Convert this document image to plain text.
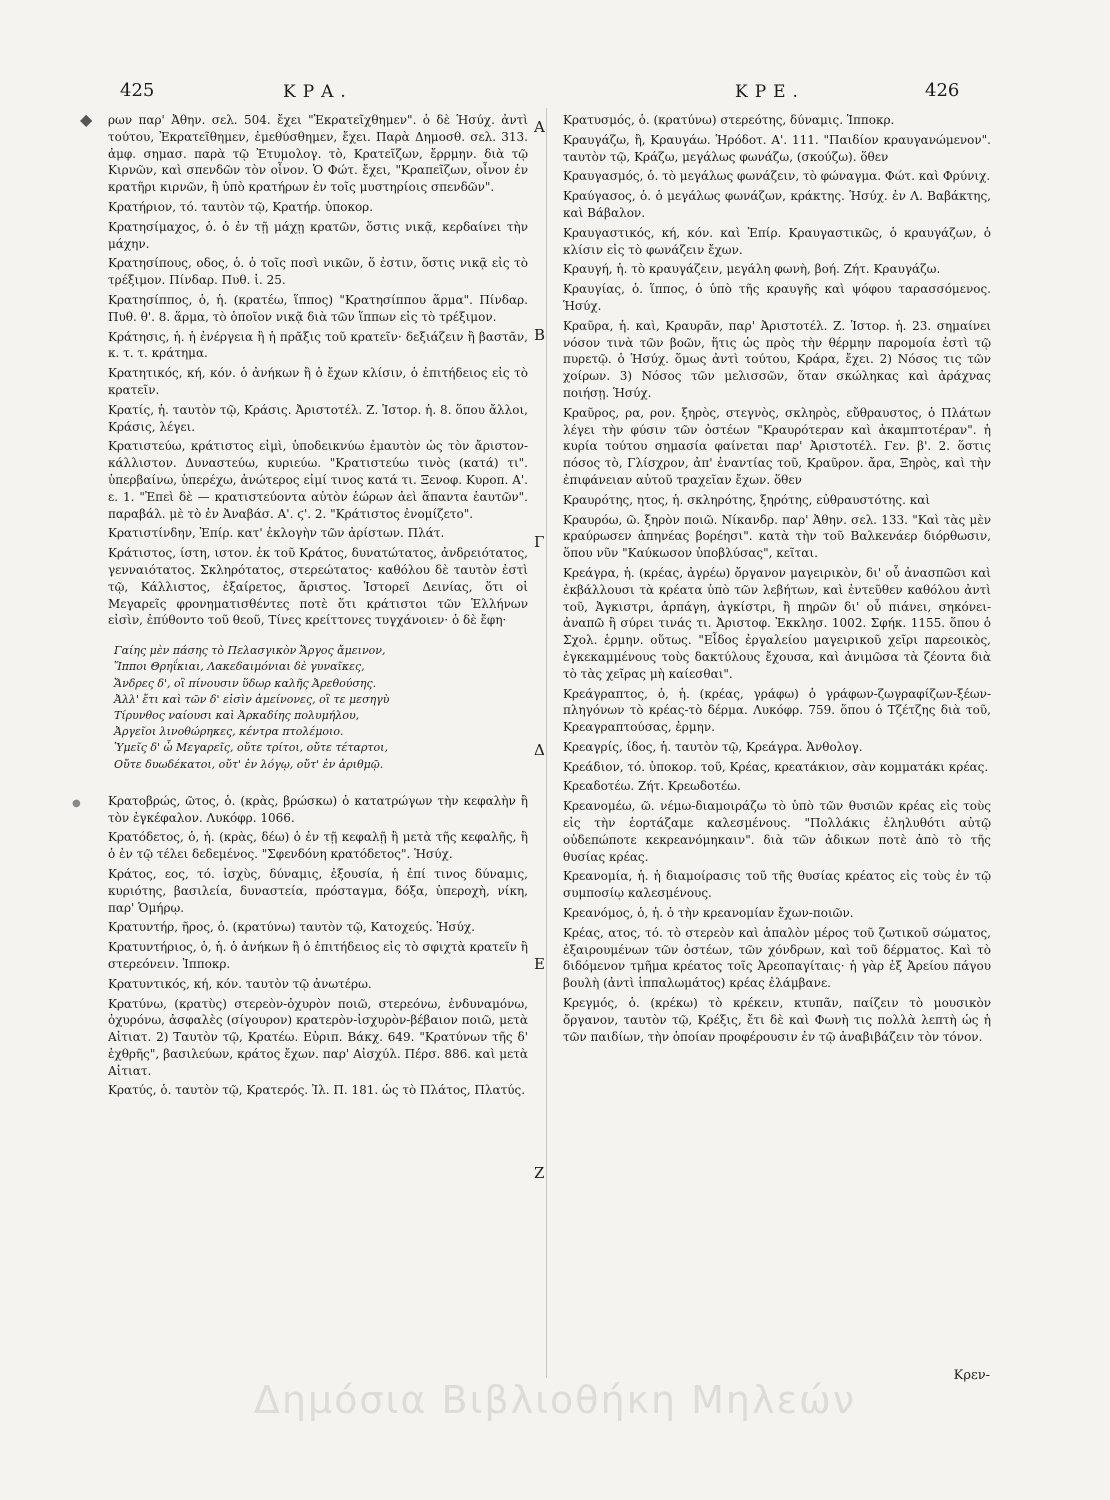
◆
●
425	ΚΡΑ.	ΚΡΕ.	426

ρων παρ' Ἀθην. σελ. 504. ἔχει "Ἐκρατεῖχθημεν". ὁ δὲ Ἡσύχ. ἀντὶ τούτου, Ἐκρατεῖθημεν, ἐμεθύσθημεν, ἔχει. Παρὰ Δημοσθ. σελ. 313. ἀμφ. σημασ. παρὰ τῷ Ἐτυμολογ. τὸ, Κρατεῖζων, ἔρρμην. διὰ τῷ Κιρνῶν, καὶ σπενδῶν τὸν οἶνον. Ὁ Φώτ. ἔχει, "Κραπεῖζων, οἶνον ἐν κρατῆρι κιρνῶν, ἢ ὑπὸ κρατήρων ἐν τοῖς μυστηρίοις σπενδῶν".

Κρατήριον, τό. ταυτὸν τῷ, Κρατήρ. ὑποκορ.

Κρατησίμαχος, ὁ. ὁ ἐν τῇ μάχῃ κρατῶν, ὅστις νικᾷ, κερδαίνει τὴν μάχην.

Κρατησίπους, οδος, ὁ. ὁ τοῖς ποσὶ νικῶν, ὅ ἐστιν, ὅστις νικᾷ εἰς τὸ τρέξιμον. Πίνδαρ. Πυθ. ἰ. 25.

Κρατησίππος, ὁ, ἡ. (κρατέω, ἵππος) "Κρατησίππου ἅρμα". Πίνδαρ. Πυθ. θ'. 8. ἅρμα, τὸ ὁποῖον νικᾷ διὰ τῶν ἵππων εἰς τὸ τρέξιμον.

Κράτησις, ἡ. ἡ ἐνέργεια ἢ ἡ πρᾶξις τοῦ κρατεῖν· δεξιάζειν ἢ βαστᾶν, κ. τ. τ. κράτημα.

Κρατητικός, κή, κόν. ὁ ἀνήκων ἢ ὁ ἔχων κλίσιν, ὁ ἐπιτήδειος εἰς τὸ κρατεῖν.

Κρατίς, ἡ. ταυτὸν τῷ, Κράσις. Ἀριστοτέλ. Ζ. Ἱστορ. ἡ. 8. ὅπου ἄλλοι, Κράσις, λέγει.

Κρατιστεύω, κράτιστος εἰμὶ, ὑποδεικνύω ἐμαυτὸν ὡς τὸν ἄριστον-κάλλιστον. Δυναστεύω, κυριεύω. "Κρατιστεύω τινὸς (κατά) τι". ὑπερβαίνω, ὑπερέχω, ἀνώτερος εἰμί τινος κατά τι. Ξενοφ. Κυροπ. Α'. ε. 1. "Ἐπεὶ δὲ — κρατιστεύοντα αὐτὸν ἑώρων ἀεὶ ἅπαντα ἑαυτῶν". παραβάλ. μὲ τὸ ἐν Ἀναβάσ. Α'. ϛ'. 2. "Κράτιστος ἐνομίζετο".

Κρατιστίνδην, Ἐπίρ. κατ' ἐκλογὴν τῶν ἀρίστων. Πλάτ.

Κράτιστος, ίστη, ιστον. ἐκ τοῦ Κράτος, δυνατώτατος, ἀνδρειότατος, γενναιότατος. Σκληρότατος, στερεώτατος· καθόλου δὲ ταυτὸν ἐστὶ τῷ, Κάλλιστος, ἐξαίρετος, ἄριστος. Ἱστορεῖ Δεινίας, ὅτι οἱ Μεγαρεῖς φρονηματισθέντες ποτὲ ὅτι κράτιστοι τῶν Ἑλλήνων εἰσὶν, ἐπύθοντο τοῦ θεοῦ, Τίνες κρείττονες τυγχάνοιεν· ὁ δὲ ἔφη·

Γαίης μὲν πάσης τὸ Πελασγικὸν Ἄργος ἄμεινον,
Ἵπποι Θρηΐκιαι, Λακεδαιμόνιαι δὲ γυναῖκες,
Ἄνδρες δ', οἳ πίνουσιν ὕδωρ καλῆς Ἀρεθούσης.
Ἀλλ' ἔτι καὶ τῶν δ' εἰσὶν ἀμείνονες, οἳ τε μεσηγὺ
Τίρυνθος ναίουσι καὶ Ἀρκαδίης πολυμήλου,
Ἀργεῖοι λινοθώρηκες, κέντρα πτολέμοιο.
Ὑμεῖς δ' ὦ Μεγαρεῖς, οὔτε τρίτοι, οὔτε τέταρτοι,
Οὔτε δυωδέκατοι, οὔτ' ἐν λόγῳ, οὔτ' ἐν ἀριθμῷ.

Κρατοβρώς, ῶτος, ὁ. (κρὰς, βρώσκω) ὁ κατατρώγων τὴν κεφαλὴν ἢ τὸν ἐγκέφαλον. Λυκόφρ. 1066.

Κρατόδετος, ὁ, ἡ. (κρὰς, δέω) ὁ ἐν τῇ κεφαλῇ ἢ μετὰ τῆς κεφαλῆς, ἢ ὁ ἐν τῷ τέλει δεδεμένος. "Σφενδόνη κρατόδετος". Ἡσύχ.

Κράτος, εος, τό. ἰσχὺς, δύναμις, ἐξουσία, ἡ ἐπί τινος δύναμις, κυριότης, βασιλεία, δυναστεία, πρόσταγμα, δόξα, ὑπεροχὴ, νίκη, παρ' Ὁμήρῳ.

Κρατυντήρ, ῆρος, ὁ. (κρατύνω) ταυτὸν τῷ, Κατοχεύς. Ἡσύχ.

Κρατυντήριος, ὁ, ἡ. ὁ ἀνήκων ἢ ὁ ἐπιτήδειος εἰς τὸ σφιχτὰ κρατεῖν ἢ στερεόνειν. Ἱπποκρ.

Κρατυντικός, κή, κόν. ταυτὸν τῷ ἀνωτέρω.

Κρατύνω, (κρατὺς) στερεὸν-ὀχυρὸν ποιῶ, στερεόνω, ἐνδυναμόνω, ὀχυρόνω, ἀσφαλὲς (σίγουρον) κρατερὸν-ἰσχυρὸν-βέβαιον ποιῶ, μετὰ Αἰτιατ. 2) Ταυτὸν τῷ, Κρατέω. Εὐριπ. Βάκχ. 649. "Κρατύνων τῆς δ' ἐχθρῆς", βασιλεύων, κράτος ἔχων. παρ' Αἰσχύλ. Πέρσ. 886. καὶ μετὰ Αἰτιατ.

Κρατύς, ὁ. ταυτὸν τῷ, Κρατερός. Ἰλ. Π. 181. ὡς τὸ Πλάτος, Πλατύς.

Α
Β
Γ
Δ
Ε
Ζ

Κρατυσμός, ὁ. (κρατύνω) στερεότης, δύναμις. Ἱπποκρ.

Κραυγάζω, ἢ, Κραυγάω. Ἡρόδοτ. Α'. 111. "Παιδίον κραυγανώμενον". ταυτὸν τῷ, Κράζω, μεγάλως φωνάζω, (σκούζω). ὅθεν

Κραυγασμός, ὁ. τὸ μεγάλως φωνάζειν, τὸ φώναγμα. Φώτ. καὶ Φρύνιχ.

Κραύγασος, ὁ. ὁ μεγάλως φωνάζων, κράκτης. Ἡσύχ. ἐν Λ. Βαβάκτης, καὶ Βάβαλον.

Κραυγαστικός, κή, κόν. καὶ Ἐπίρ. Κραυγαστικῶς, ὁ κραυγάζων, ὁ κλίσιν εἰς τὸ φωνάζειν ἔχων.

Κραυγή, ἡ. τὸ κραυγάζειν, μεγάλη φωνὴ, βοή. Ζήτ. Κραυγάζω.

Κραυγίας, ὁ. ἵππος, ὁ ὑπὸ τῆς κραυγῆς καὶ ψόφου ταρασσόμενος. Ἡσύχ.

Κραῦρα, ἡ. καὶ, Κραυρᾶν, παρ' Ἀριστοτέλ. Ζ. Ἱστορ. ἡ. 23. σημαίνει νόσον τινὰ τῶν βοῶν, ἥτις ὡς πρὸς τὴν θέρμην παρομοία ἐστὶ τῷ πυρετῷ. ὁ Ἡσύχ. ὅμως ἀντὶ τούτου, Κράρα, ἔχει. 2) Νόσος τις τῶν χοίρων. 3) Νόσος τῶν μελισσῶν, ὅταν σκώληκας καὶ ἀράχνας ποιήσῃ. Ἡσύχ.

Κραῦρος, ρα, ρον. ξηρὸς, στεγνὸς, σκληρὸς, εὔθραυστος, ὁ Πλάτων λέγει τὴν φύσιν τῶν ὀστέων "Κραυρότεραν καὶ ἀκαμπτοτέραν". ἡ κυρία τούτου σημασία φαίνεται παρ' Ἀριστοτέλ. Γεν. β'. 2. ὅστις πόσος τὸ, Γλίσχρον, ἀπ' ἐναντίας τοῦ, Κραῦρον. ἄρα, Ξηρὸς, καὶ τὴν ἐπιφάνειαν αὐτοῦ τραχεῖαν ἔχων. ὅθεν

Κραυρότης, ητος, ἡ. σκληρότης, ξηρότης, εὐθραυστότης. καὶ

Κραυρόω, ῶ. ξηρὸν ποιῶ. Νίκανδρ. παρ' Ἀθην. σελ. 133. "Καὶ τὰς μὲν κραύρωσεν ἀπηνέας βορέησι". κατὰ τὴν τοῦ Βαλκενάερ διόρθωσιν, ὅπου νῦν "Καύκωσον ὑποβλύσας", κεῖται.

Κρεάγρα, ἡ. (κρέας, ἀγρέω) ὄργανον μαγειρικὸν, δι' οὗ ἀνασπῶσι καὶ ἐκβάλλουσι τὰ κρέατα ὑπὸ τῶν λεβήτων, καὶ ἐντεῦθεν καθόλου ἀντὶ τοῦ, Ἀγκιστρι, ἁρπάγη, ἀγκίστρι, ἢ πηρῶν δι' οὗ πιάνει, σηκόνει-ἀναπῶ ἢ σύρει τινάς τι. Ἀριστοφ. Ἐκκλησ. 1002. Σφήκ. 1155. ὅπου ὁ Σχολ. ἑρμην. οὕτως. "Εἶδος ἐργαλείου μαγειρικοῦ χεῖρι παρεοικὸς, ἐγκεκαμμένους τοὺς δακτύλους ἔχουσα, καὶ ἀνιμῶσα τὰ ζέοντα διὰ τὸ τὰς χεῖρας μὴ καίεσθαι".

Κρεάγραπτος, ὁ, ἡ. (κρέας, γράφω) ὁ γράφων-ζωγραφίζων-ξέων-πληγόνων τὸ κρέας-τὸ δέρμα. Λυκόφρ. 759. ὅπου ὁ Τζέτζης διὰ τοῦ, Κρεαγραπτούσας, ἑρμην.

Κρεαγρίς, ίδος, ἡ. ταυτὸν τῷ, Κρεάγρα. Ἀνθολογ.

Κρεάδιον, τό. ὑποκορ. τοῦ, Κρέας, κρεατάκιον, σὰν κομματάκι κρέας.

Κρεαδοτέω. Ζήτ. Κρεωδοτέω.

Κρεανομέω, ῶ. νέμω-διαμοιράζω τὸ ὑπὸ τῶν θυσιῶν κρέας εἰς τοὺς εἰς τὴν ἑορτάζαμε καλεσμένους. "Πολλάκις ἐληλυθότι αὐτῷ οὐδεπώποτε κεκρεανόμηκαιν". διὰ τῶν ἀδικων ποτὲ ἀπὸ τὸ τῆς θυσίας κρέας.

Κρεανομία, ἡ. ἡ διαμοίρασις τοῦ τῆς θυσίας κρέατος εἰς τοὺς ἐν τῷ συμποσίῳ καλεσμένους.

Κρεανόμος, ὁ, ἡ. ὁ τὴν κρεανομίαν ἔχων-ποιῶν.

Κρέας, ατος, τό. τὸ στερεὸν καὶ ἁπαλὸν μέρος τοῦ ζωτικοῦ σώματος, ἐξαιρουμένων τῶν ὀστέων, τῶν χόνδρων, καὶ τοῦ δέρματος. Καὶ τὸ διδόμενον τμῆμα κρέατος τοῖς Ἀρεοπαγίταις· ἡ γὰρ ἐξ Ἀρείου πάγου βουλὴ (ἀντὶ ἱππαλωμάτος) κρέας ἐλάμβανε.

Κρεγμός, ὁ. (κρέκω) τὸ κρέκειν, κτυπᾶν, παίζειν τὸ μουσικὸν ὄργανον, ταυτὸν τῷ, Κρέξις, ἔτι δὲ καὶ Φωνὴ τις πολλὰ λεπτὴ ὡς ἡ τῶν παιδίων, τὴν ὁποίαν προφέρουσιν ἐν τῷ ἀναβιβάζειν τὸν τόνον.

Κρεν-
Δημόσια Βιβλιοθήκη Μηλεών
